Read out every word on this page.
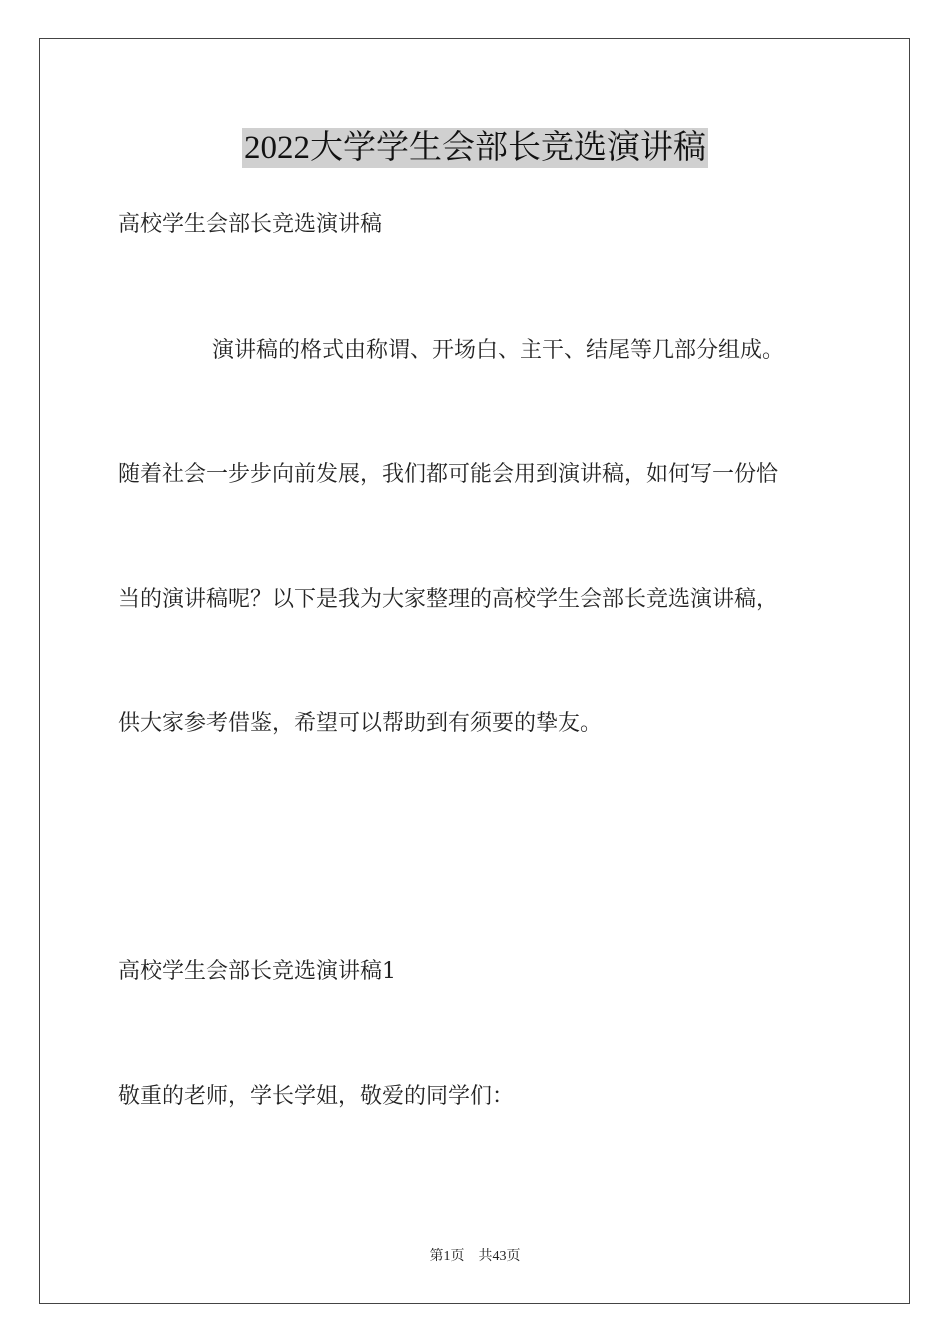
2022大学学生会部长竞选演讲稿

高校学生会部长竞选演讲稿

演讲稿的格式由称谓、开场白、主干、结尾等几部分组成。

随着社会一步步向前发展，我们都可能会用到演讲稿，如何写一份恰

当的演讲稿呢？以下是我为大家整理的高校学生会部长竞选演讲稿，

供大家参考借鉴，希望可以帮助到有须要的挚友。

高校学生会部长竞选演讲稿1

敬重的老师，学长学姐，敬爱的同学们：

第1页 共43页
